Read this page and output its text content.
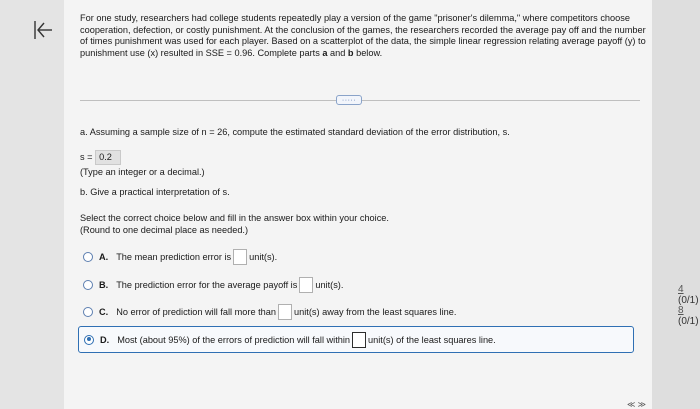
4 (0/1)
8 (0/1)
For one study, researchers had college students repeatedly play a version of the game "prisoner's dilemma," where competitors choose cooperation, defection, or costly punishment. At the conclusion of the games, the researchers recorded the average pay off and the number of times punishment was used for each player. Based on a scatterplot of the data, the simple linear regression relating average payoff (y) to punishment use (x) resulted in SSE = 0.96. Complete parts a and b below.
·····
a. Assuming a sample size of n = 26, compute the estimated standard deviation of the error distribution, s.
s = 0.2
(Type an integer or a decimal.)
b. Give a practical interpretation of s.
Select the correct choice below and fill in the answer box within your choice.
(Round to one decimal place as needed.)
A. The mean prediction error is unit(s).
B. The prediction error for the average payoff is unit(s).
C. No error of prediction will fall more than unit(s) away from the least squares line.
D. Most (about 95%) of the errors of prediction will fall within unit(s) of the least squares line.
≪ ≫
